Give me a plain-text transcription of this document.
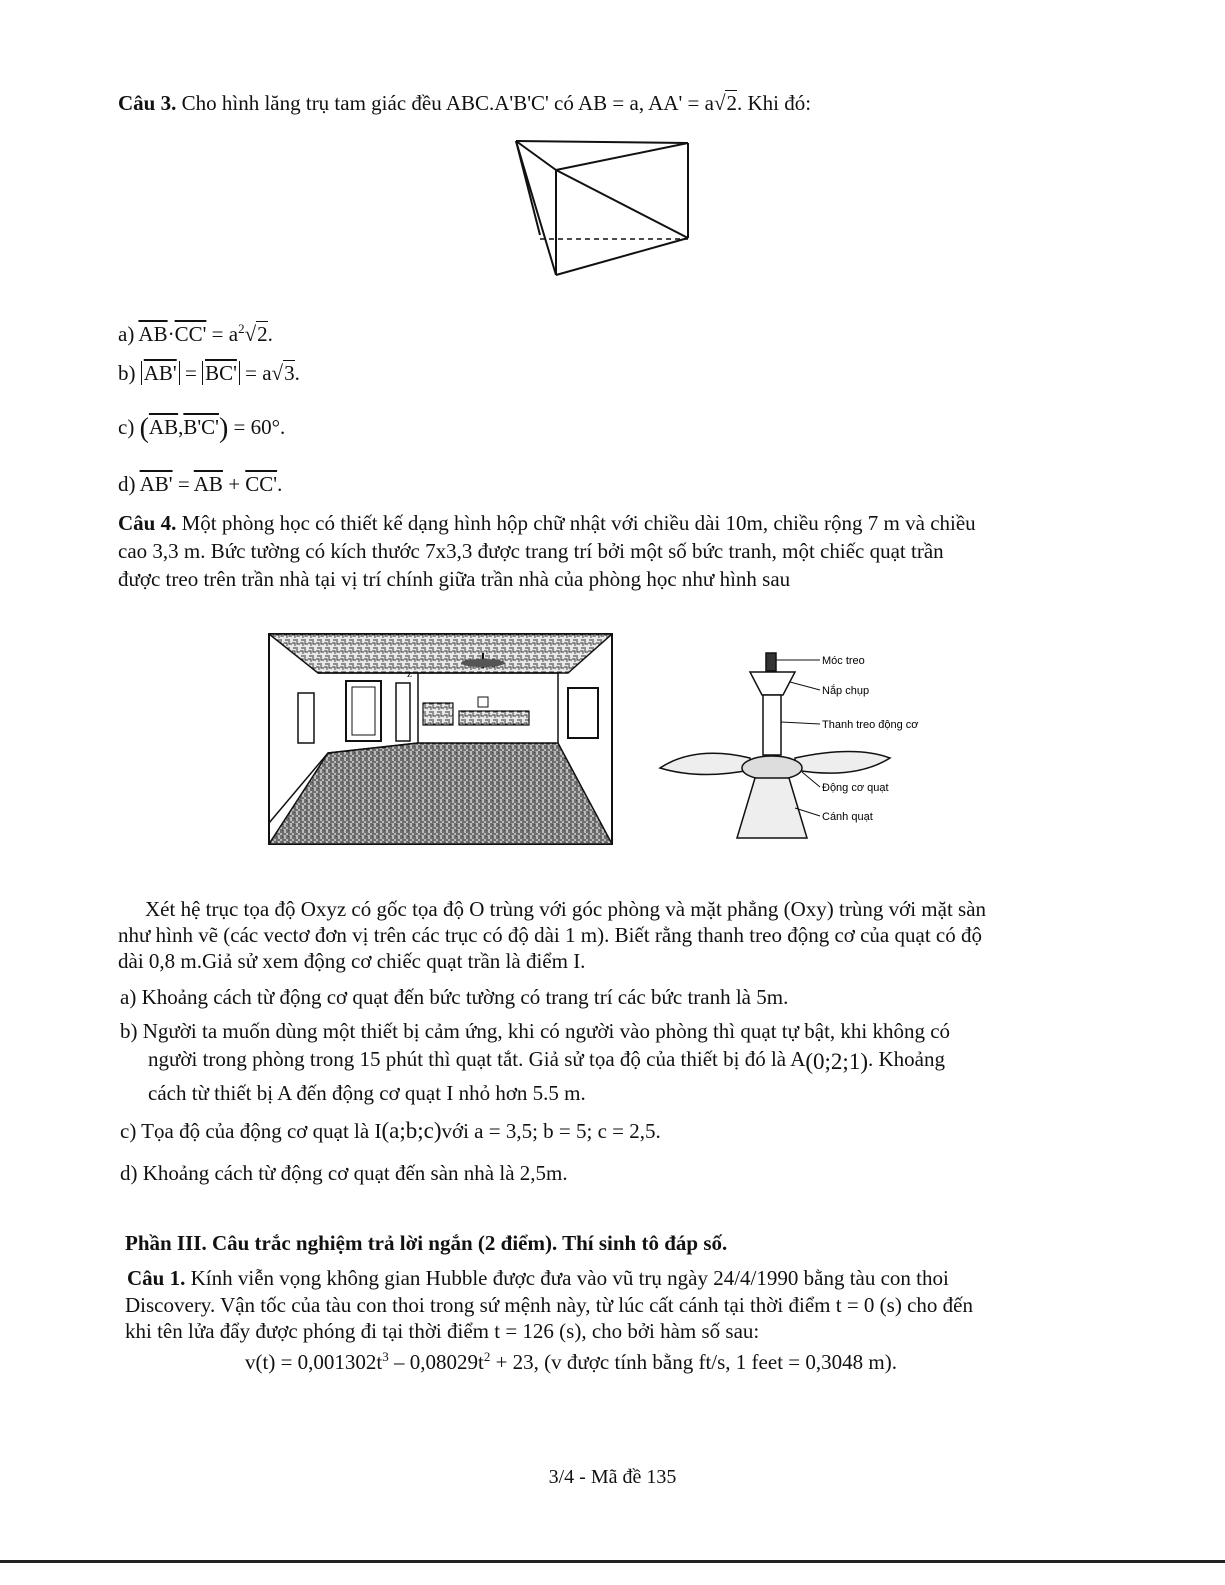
Câu 3. Cho hình lăng trụ tam giác đều ABC.A'B'C' có AB = a, AA' = a√2. Khi đó:
a) $\overline{AB}\cdot CC' = a^2√2$.
b) AB' = BC' = a√3.
c) $(\overline{AB},B'C') = 60^\circ$.
d) $AB' = \overline{AB} + CC'$.
Câu 4. Một phòng học có thiết kế dạng hình hộp chữ nhật với chiều dài 10m, chiều rộng 7 m và chiều
cao 3,3 m. Bức tường có kích thước 7x3,3 được trang trí bởi một số bức tranh, một chiếc quạt trần
được treo trên trần nhà tại vị trí chính giữa trần nhà của phòng học như hình sau
z
Móc treo
Nắp chụp
Thanh treo động cơ
Động cơ quạt
Cánh quạt
Xét hệ trục tọa độ Oxyz có gốc tọa độ O trùng với góc phòng và mặt phẳng (Oxy) trùng với mặt sàn
như hình vẽ (các vectơ đơn vị trên các trục có độ dài 1 m). Biết rằng thanh treo động cơ của quạt có độ
dài 0,8 m.Giả sử xem động cơ chiếc quạt trần là điểm I.
a) Khoảng cách từ động cơ quạt đến bức tường có trang trí các bức tranh là 5m.
b) Người ta muốn dùng một thiết bị cảm ứng, khi có người vào phòng thì quạt tự bật, khi không có
người trong phòng trong 15 phút thì quạt tắt. Giả sử tọa độ của thiết bị đó là A(0;2;1). Khoảng
cách từ thiết bị A đến động cơ quạt I nhỏ hơn 5.5 m.
c) Tọa độ của động cơ quạt là I(a;b;c)với a = 3,5; b = 5; c = 2,5.
d) Khoảng cách từ động cơ quạt đến sàn nhà là 2,5m.
Phần III. Câu trắc nghiệm trả lời ngắn (2 điểm). Thí sinh tô đáp số.
Câu 1. Kính viễn vọng không gian Hubble được đưa vào vũ trụ ngày 24/4/1990 bằng tàu con thoi
Discovery. Vận tốc của tàu con thoi trong sứ mệnh này, từ lúc cất cánh tại thời điểm t = 0 (s) cho đến
khi tên lửa đẩy được phóng đi tại thời điểm t = 126 (s), cho bởi hàm số sau:
$v(t) = 0,001302t^3 - 0,08029t^2 + 23$, (v được tính bằng ft/s, 1 feet = 0,3048 m).
3/4 - Mã đề 135
